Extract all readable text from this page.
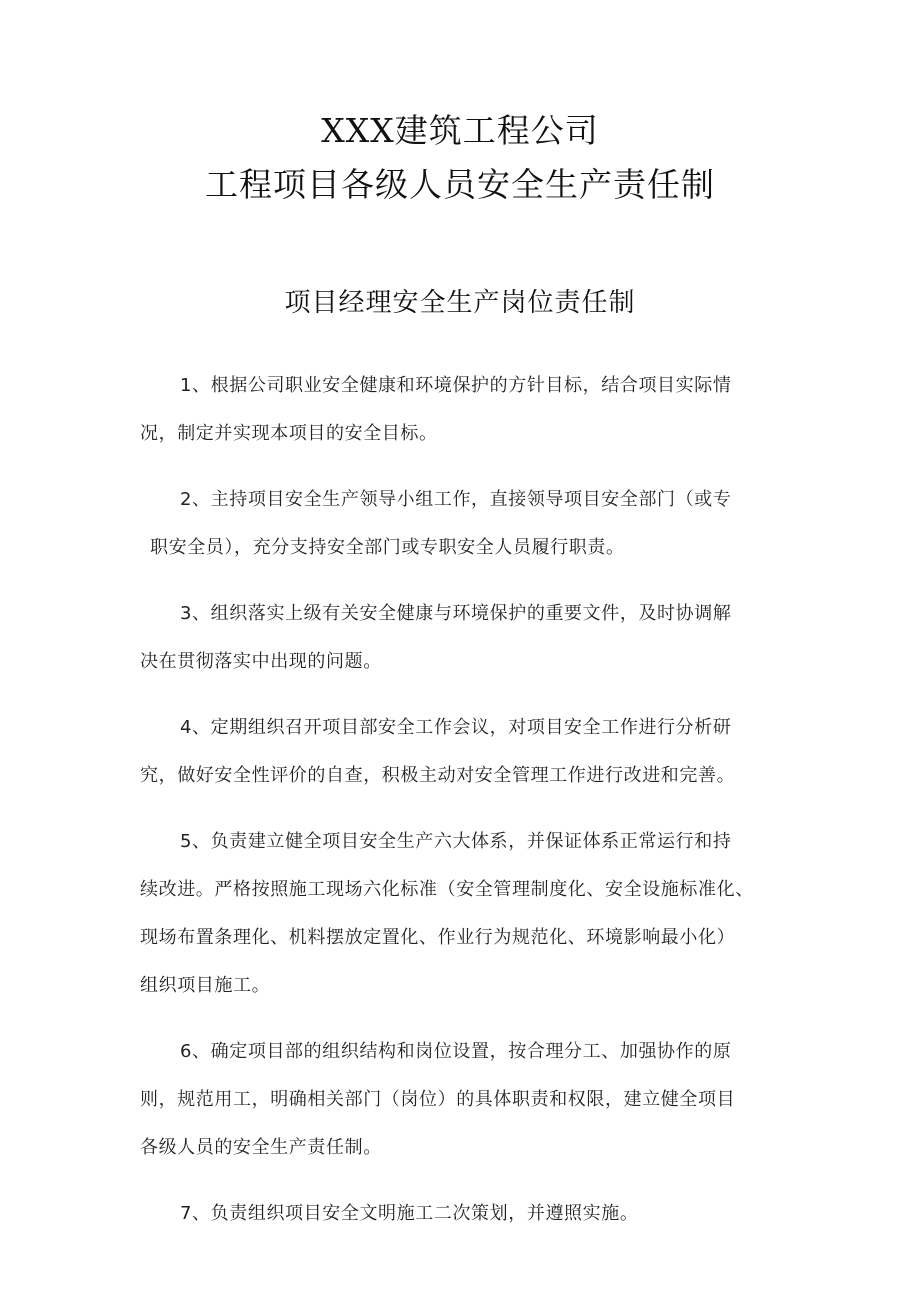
XXX建筑工程公司
工程项目各级人员安全生产责任制
项目经理安全生产岗位责任制
1、根据公司职业安全健康和环境保护的方针目标，结合项目实际情
况，制定并实现本项目的安全目标。
2、主持项目安全生产领导小组工作，直接领导项目安全部门（或专
职安全员），充分支持安全部门或专职安全人员履行职责。
3、组织落实上级有关安全健康与环境保护的重要文件，及时协调解
决在贯彻落实中出现的问题。
4、定期组织召开项目部安全工作会议，对项目安全工作进行分析研
究，做好安全性评价的自查，积极主动对安全管理工作进行改进和完善。
5、负责建立健全项目安全生产六大体系，并保证体系正常运行和持
续改进。严格按照施工现场六化标准（安全管理制度化、安全设施标准化、
现场布置条理化、机料摆放定置化、作业行为规范化、环境影响最小化）
组织项目施工。
6、确定项目部的组织结构和岗位设置，按合理分工、加强协作的原
则，规范用工，明确相关部门（岗位）的具体职责和权限，建立健全项目
各级人员的安全生产责任制。
7、负责组织项目安全文明施工二次策划，并遵照实施。
